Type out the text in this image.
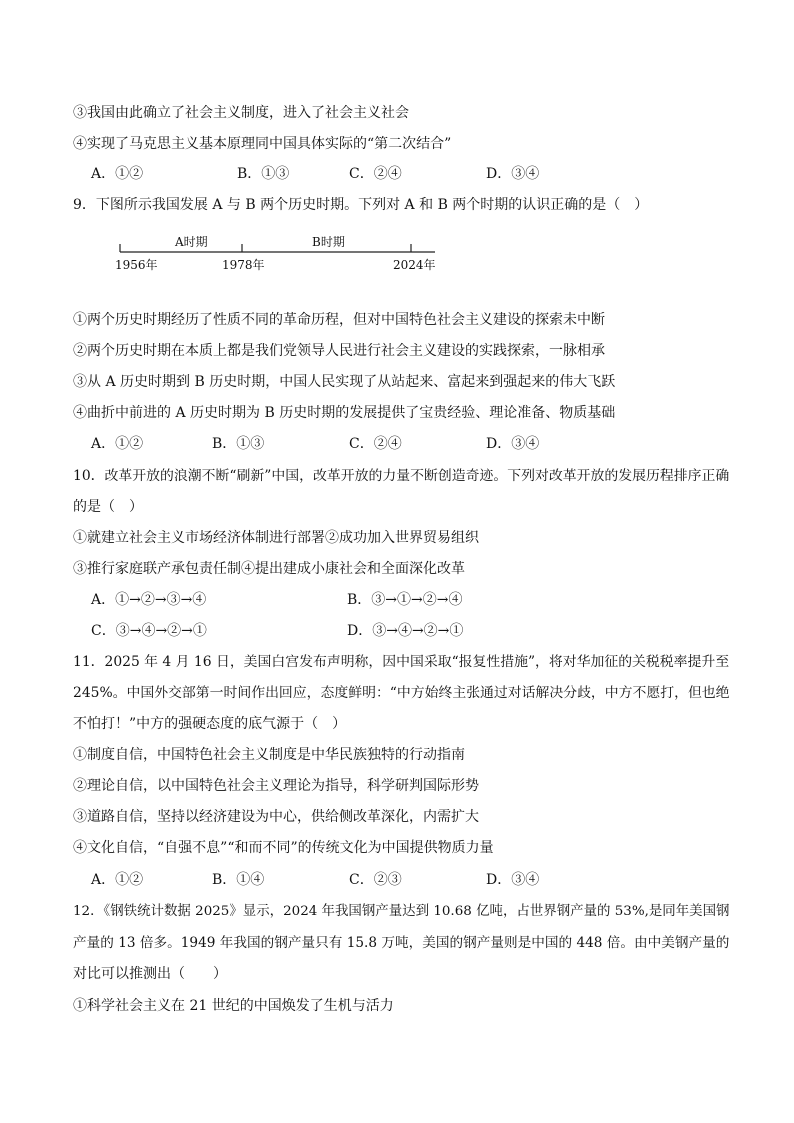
③我国由此确立了社会主义制度，进入了社会主义社会
④实现了马克思主义基本原理同中国具体实际的“第二次结合”
A．①②	B．①③	C．②④	D．③④
9．下图所示我国发展 A 与 B 两个历史时期。下列对 A 和 B 两个时期的认识正确的是（　）
A时期	B时期
1956年	1978年	2024年
①两个历史时期经历了性质不同的革命历程，但对中国特色社会主义建设的探索未中断
②两个历史时期在本质上都是我们党领导人民进行社会主义建设的实践探索，一脉相承
③从 A 历史时期到 B 历史时期，中国人民实现了从站起来、富起来到强起来的伟大飞跃
④曲折中前进的 A 历史时期为 B 历史时期的发展提供了宝贵经验、理论准备、物质基础
A．①②	B．①③	C．②④	D．③④
10．改革开放的浪潮不断“刷新”中国，改革开放的力量不断创造奇迹。下列对改革开放的发展历程排序正确
的是（　）
①就建立社会主义市场经济体制进行部署②成功加入世界贸易组织
③推行家庭联产承包责任制④提出建成小康社会和全面深化改革
A．①→②→③→④	B．③→①→②→④
C．③→④→②→①	D．③→④→②→①
11．2025 年 4 月 16 日，美国白宫发布声明称，因中国采取“报复性措施”，将对华加征的关税税率提升至
245%。中国外交部第一时间作出回应，态度鲜明：“中方始终主张通过对话解决分歧，中方不愿打，但也绝
不怕打！”中方的强硬态度的底气源于（　）
①制度自信，中国特色社会主义制度是中华民族独特的行动指南
②理论自信，以中国特色社会主义理论为指导，科学研判国际形势
③道路自信，坚持以经济建设为中心，供给侧改革深化，内需扩大
④文化自信，“自强不息”“和而不同”的传统文化为中国提供物质力量
A．①②	B．①④	C．②③	D．③④
12．《钢铁统计数据 2025》显示，2024 年我国钢产量达到 10.68 亿吨，占世界钢产量的 53%,是同年美国钢
产量的 13 倍多。1949 年我国的钢产量只有 15.8 万吨，美国的钢产量则是中国的 448 倍。由中美钢产量的
对比可以推测出（　　）
①科学社会主义在 21 世纪的中国焕发了生机与活力
